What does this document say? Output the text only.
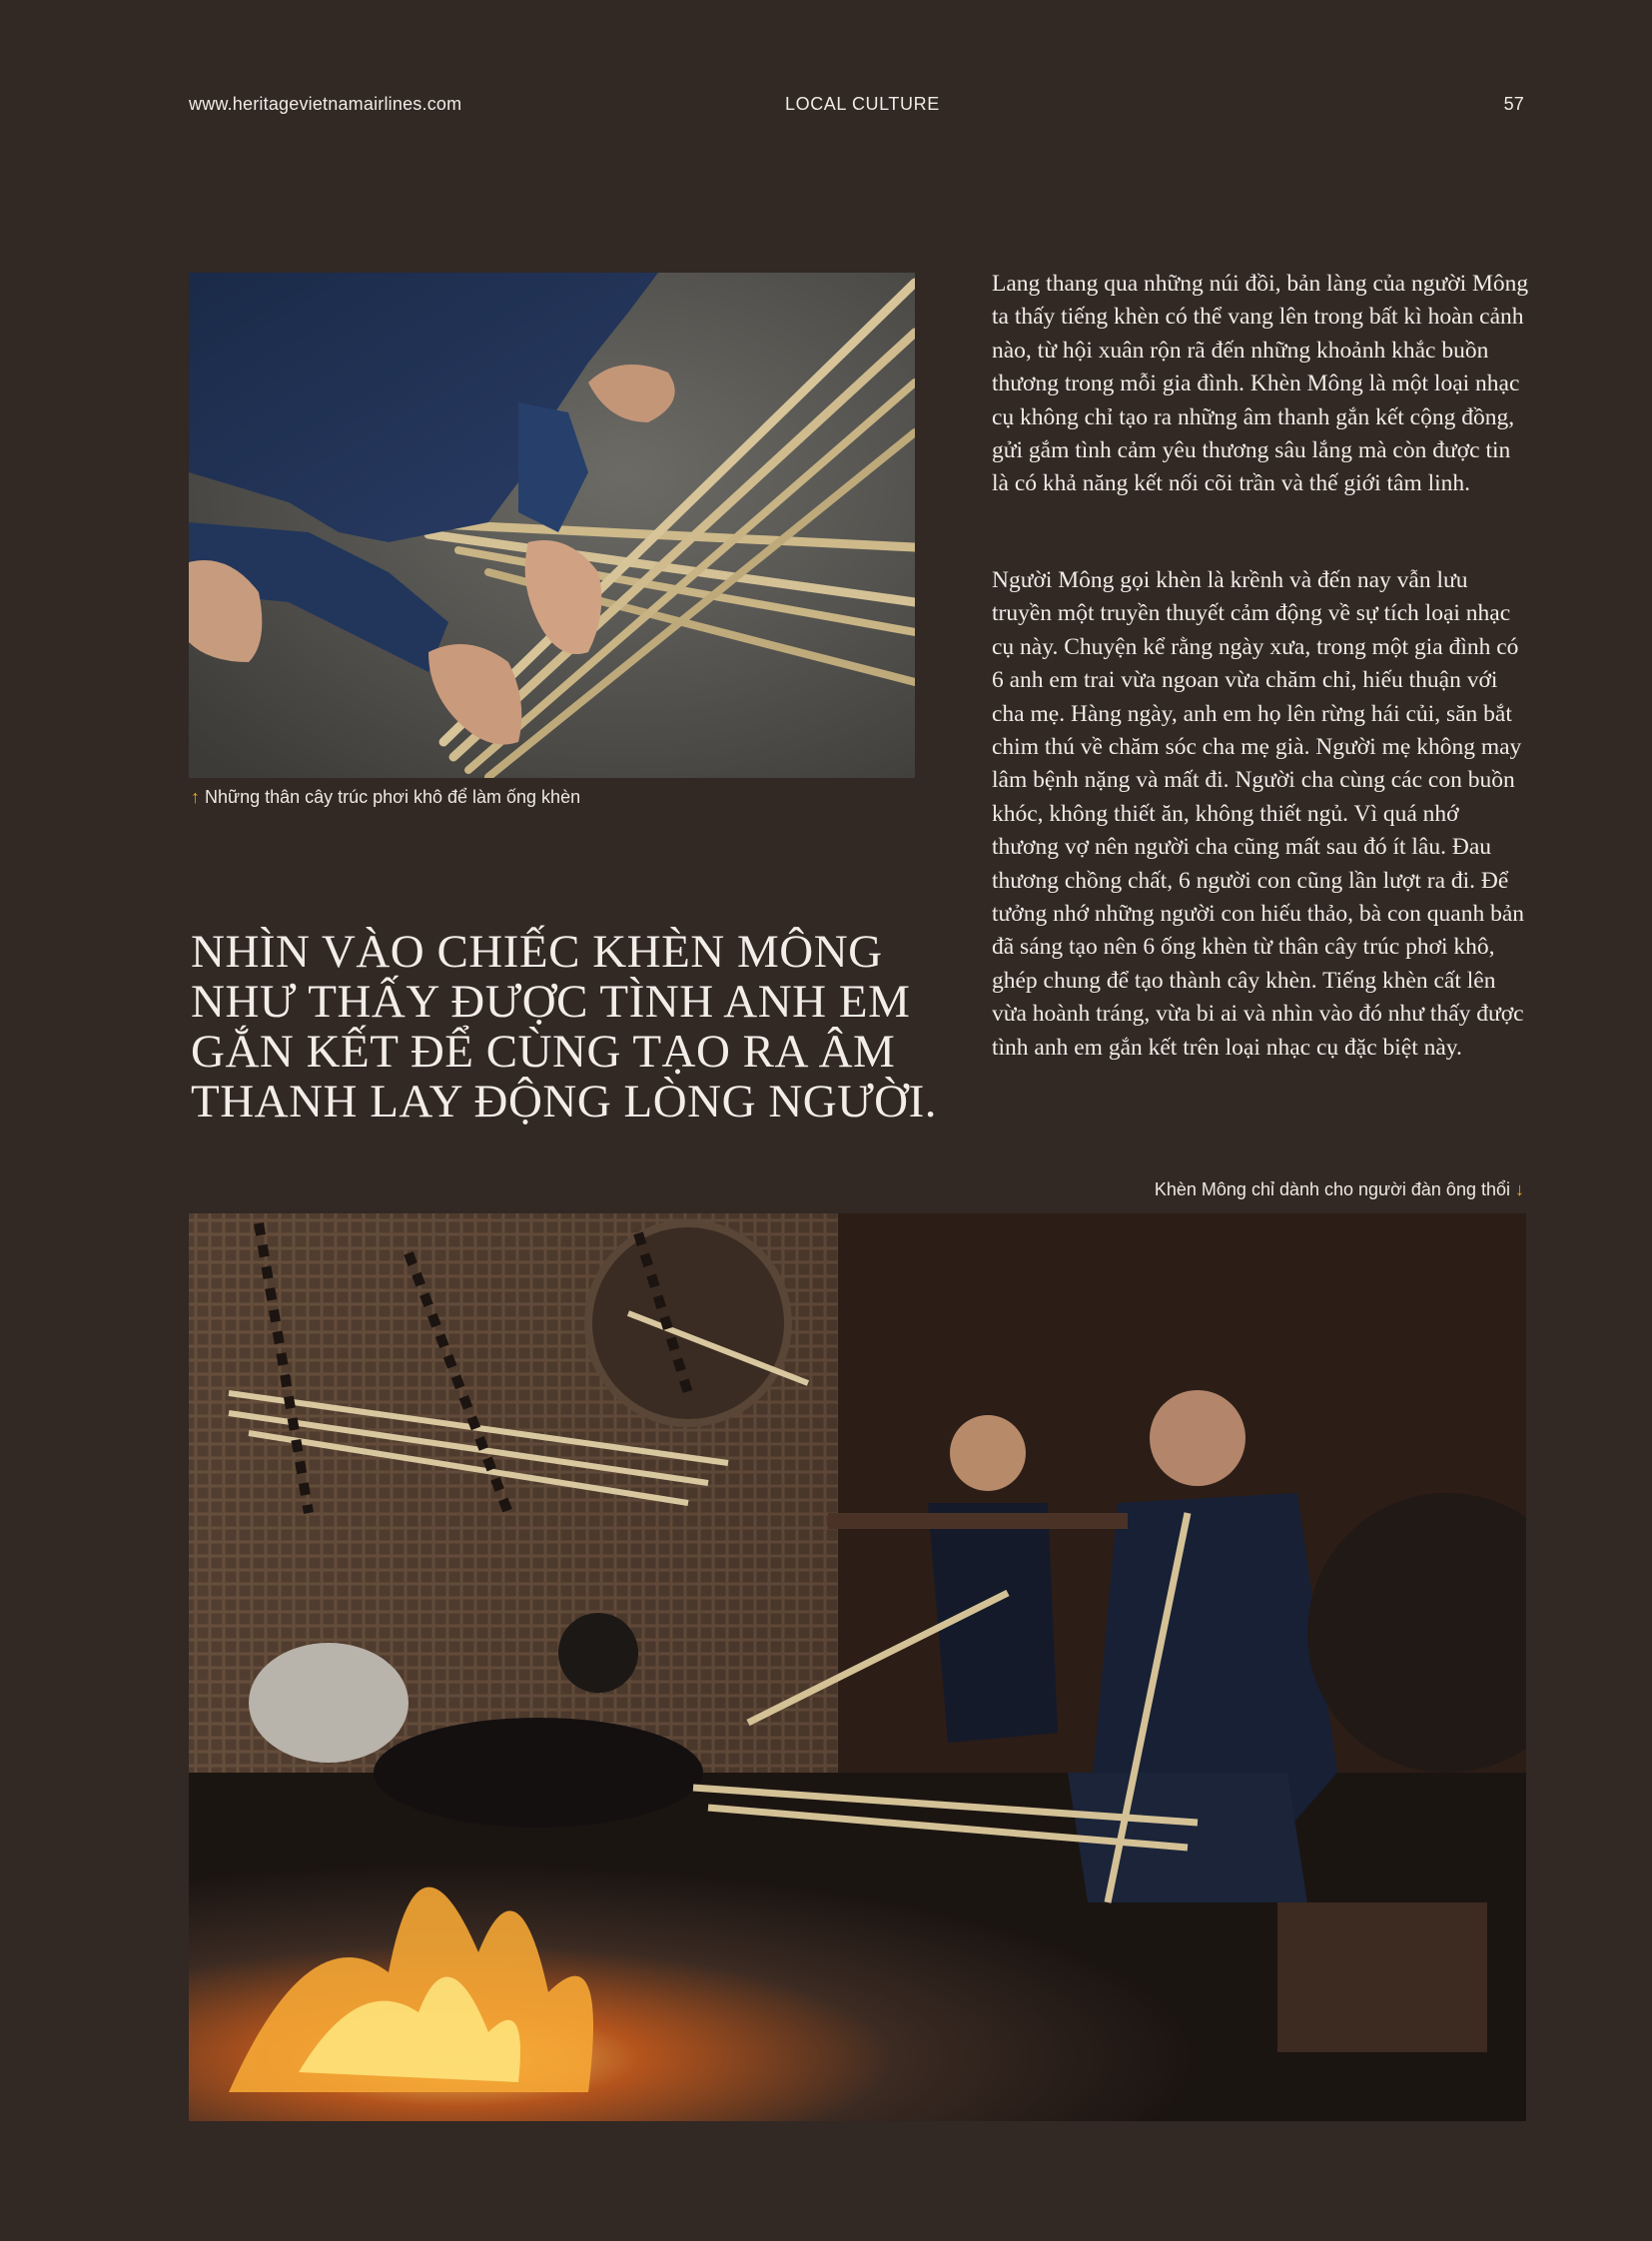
www.heritagevietnamairlines.com	LOCAL CULTURE	57
↑ Những thân cây trúc phơi khô để làm ống khèn
NHÌN VÀO CHIẾC KHÈN MÔNG NHƯ THẤY ĐƯỢC TÌNH ANH EM GẮN KẾT ĐỂ CÙNG TẠO RA ÂM THANH LAY ĐỘNG LÒNG NGƯỜI.

Lang thang qua những núi đồi, bản làng của người Mông ta thấy tiếng khèn có thể vang lên trong bất kì hoàn cảnh nào, từ hội xuân rộn rã đến những khoảnh khắc buồn thương trong mỗi gia đình. Khèn Mông là một loại nhạc cụ không chỉ tạo ra những âm thanh gắn kết cộng đồng, gửi gắm tình cảm yêu thương sâu lắng mà còn được tin là có khả năng kết nối cõi trần và thế giới tâm linh.

Người Mông gọi khèn là krềnh và đến nay vẫn lưu truyền một truyền thuyết cảm động về sự tích loại nhạc cụ này. Chuyện kể rằng ngày xưa, trong một gia đình có 6 anh em trai vừa ngoan vừa chăm chỉ, hiếu thuận với cha mẹ. Hàng ngày, anh em họ lên rừng hái củi, săn bắt chim thú về chăm sóc cha mẹ già. Người mẹ không may lâm bệnh nặng và mất đi. Người cha cùng các con buồn khóc, không thiết ăn, không thiết ngủ. Vì quá nhớ thương vợ nên người cha cũng mất sau đó ít lâu. Đau thương chồng chất, 6 người con cũng lần lượt ra đi. Để tưởng nhớ những người con hiếu thảo, bà con quanh bản đã sáng tạo nên 6 ống khèn từ thân cây trúc phơi khô, ghép chung để tạo thành cây khèn. Tiếng khèn cất lên vừa hoành tráng, vừa bi ai và nhìn vào đó như thấy được tình anh em gắn kết trên loại nhạc cụ đặc biệt này.

Khèn Mông chỉ dành cho người đàn ông thổi ↓
